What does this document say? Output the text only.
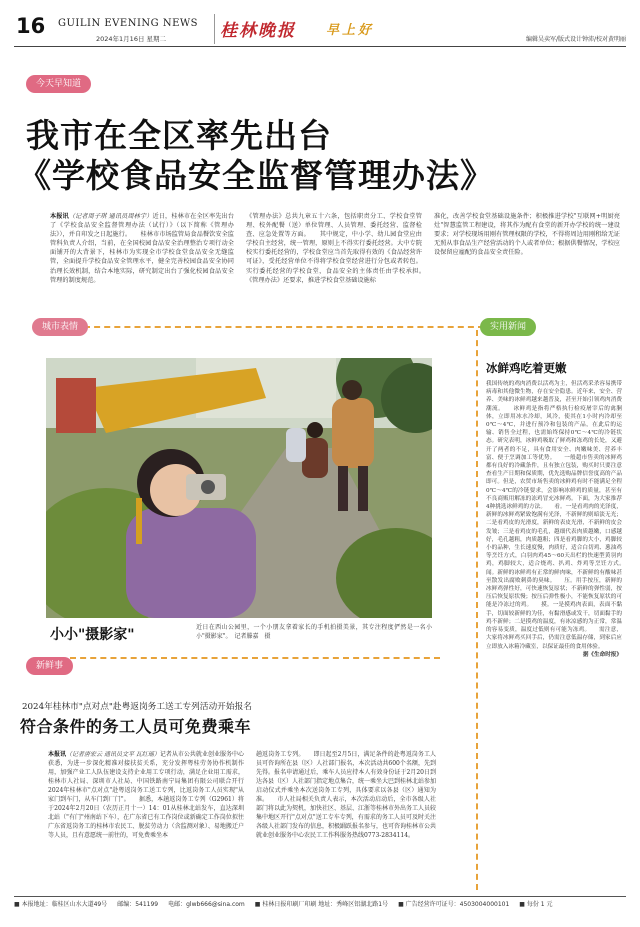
16 GUILIN EVENING NEWS
2024年1月16日 星期二	桂林晚报 早上好
编辑吴卖军/版式设计钟沛/校对黄明丽
今天早知道
我市在全区率先出台
《学校食品安全监督管理办法》

本报讯（记者周子琪 通讯员周林宇）近日，桂林市在全区率先出台了《学校食品安全监督管理办法（试行）》（以下简称《管理办法》），并自印发之日起施行。　　桂林市市场监管局食品餐饮安全监管科负责人介绍，当前，在全国校园食品安全治理整治专项行动全面铺开的大背景下，桂林市为实现全市学校食堂食品安全无缝监管，全面提升学校食品安全管理水平，健全完善校园食品安全协同治理长效机制，结合本地实际，研究制定出台了强化校园食品安全管理的制度规范。

《管理办法》总共九章五十六条，包括职责分工、学校食堂管理、校外配餐（送）单位管理、人员管理、委托经营、监督检查、应急处置等方面。　　其中规定，中小学、幼儿园食堂应由学校自主经营，统一管理，原则上不得实行委托经营。大中专院校实行委托经营的，学校食堂应当首先取得有效的《食品经营许可证》，受托经营单位不得将学校食堂经营进行分包或者转包。实行委托经营的学校食堂，食品安全的主体责任由学校承担。　　《管理办法》还要求，推进学校食堂基础设施标

准化，改善学校食堂基础设施条件；积极推进学校"互联网+明厨亮灶"智慧监管工程建设，将其作为配有食堂的新开办学校的统一建设要求；对学校现场用刚有管理权限的学校，不得将周边用刚租给无证无照从事食品生产经营活动的个人或者单位；根据供餐情况，学校应设保留应雇配的食品安全责任险。

城市表情
小小"摄影家"	近日在西山公园里，一个小朋友拿着家长的手机拍摄美景，其专注程度俨然是一名小小"摄影家"。　 记者滕嘉　摄

新鲜事
2024年桂林市"点对点"赴粤返岗务工送工专列活动开始报名
符合条件的务工人员可免费乘车

本报讯（记者唐宏云 通讯员文平 瓦红瑶）记者从市公共就业创业服务中心获悉，为进一步深化精准对接扶贫关系，充分发挥粤桂劳务协作机制作用，加强产业工人队伍建设支持企业用工专项行动，满足企业用工需求，桂林市人社局、深圳市人社局、中国铁路南宁局集团有限公司联合开行2024年桂林市"点对点"赴粤返岗务工送工专列，比返岗务工人员实现"从家门到车门，从车门到厂门"。　　据悉，本趟返岗务工专列（G2961）将于2024年2月20日（农历正月十一）14：01从桂林北站发车，直达深圳北站（"有门"州南站下车），在广东省已有工作岗位或新确定工作岗位拟往广东省返岗务工的桂林市农民工、脱贫劳动力（含监测对象）、易地搬迁户等人员，且有意愿统一前往的，可免费乘坐本

趟返岗务工专列。　　即日起至2月5日，满足条件的赴粤返岗务工人员可咨询所在县（区）人社部门报名，本次活动共600个名额，先到先得。报名申请通过后，乘车人员应持本人有效身份证于2月20日到达各县（区）人社部门指定地点集合，统一乘坐大巴到桂林北站参加启动仪式并乘坐本次送岗务工专列，具体要求以各县（区）通知为准。　　市人社局相关负责人表示，本次活动启动后，全市各级人社部门将以此为契机，加快社区、基层、江浙等桂林市外出务工人员较集中地区开行"点对点"送工专车专列，有需求的务工人员可及时关注各级人社部门发布的信息，积极踊跃报名参与，也可咨询桂林市公共就业创业服务中心农民工工作科服务热线0773-2834114。

实用新闻
冰鲜鸡吃着更嫩

我国传统的鸡肉消费以活鸡为主，但活鸡采杀容易携带病毒和其他微生物，存在安全隐患。近年来，安全、营养、美味的冰鲜鸡越来越普及，甚至开始引领鸡肉消费潮流。　　冰鲜鸡是指将严格执行检疫屠宰后的禽胴体，立即用冰水冷却，风冷，使其在1小时内冷却至0℃～4℃，并进行预冷和包装的产品，在此后的运输、销售全过程，也需始终保持0℃～4℃的冷链状态。研究表明，冰鲜鸡吸取了鲜鸡和冻鸡的长处，又避开了两者的不足，具有食用安全、肉嫩味美、营养丰富、便于烹调加工等优势。　　一般超市售卖的冰鲜鸡都有良好的冷藏条件，且有独立包装，购买时只要注意查看生产日期和保质期，优先选购品牌信誉度高的产品即可。但是，农贸市场售卖的冰鲜鸡有时不能满足全程0℃～4℃的冷链要求，会影响冰鲜鸡的质量，甚至有不良商贩用解冻的冻鸡冒充冰鲜鸡。下面，为大家推荐4种挑选冰鲜鸡的方法。　　看。一是看鸡肉的光泽度，新鲜的冰鲜鸡紧致饱满有光泽，不新鲜的则暗淡无光；二是看鸡皮的光滑度，新鲜的表皮光滑，不新鲜的皮会发皱；三是看鸡皮的毛孔，越细代表肉质越嫩，口感越好，毛孔越粗，肉质越粗；四是看鸡脚的大小，鸡脚较小的品种，生长速度慢，肉质好，适合白切鸡、葱油鸡等烹饪方式，白羽肉鸡45～60天出栏的快速型黄羽肉鸡，鸡脚较大，适合烧鸡、扒鸡、炸鸡等烹饪方式。　　闻。新鲜的冰鲜鸡有正常的鲜肉味，不新鲜的有酸味甚至散发出腐败刺鼻的臭味。　　压。用手按压，新鲜的冰鲜鸡弹性好，可快速恢复原状；不新鲜的弹性弱，按压后恢复原状慢；按压后弹性极小，不能恢复原状的可能是冷冻过的鸡。　　摸。一是摸鸡肉表面，表面不黏手，切面较新鲜的为佳，有黏滑感或发干，切面黏手的鸡不新鲜；二是摸鸡的温度，有冰凉感的为正常，常温的容易变质，温度过低则有可能为冻鸡。　　需注意，大家将冰鲜鸡买回手后，仍需注意低温存储，到家后应立即放入冰箱冷藏室，以保证最佳的食用体验。

据《生命时报》

■ 本报地址：临桂区山水大道49号 邮编：541199 电邮：glwb666@sina.com ■ 桂林日报印刷厂印刷 地址：秀峰区铝湖北路1号 ■ 广告经营许可证号：4503004000101 ■ 每份 1 元
